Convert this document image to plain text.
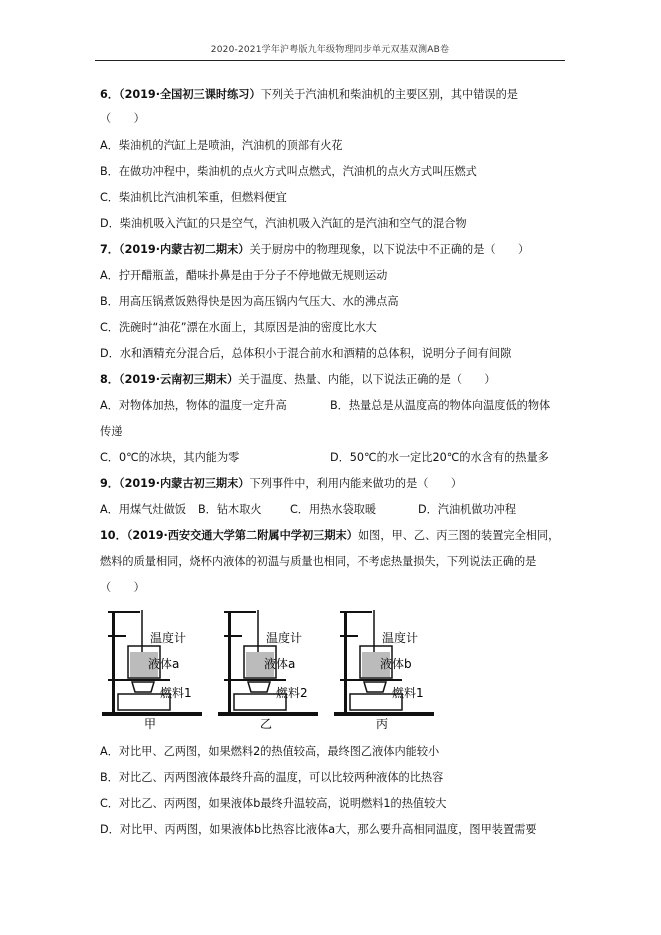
2020-2021学年沪粤版九年级物理同步单元双基双测AB卷
6．（2019·全国初三课时练习）下列关于汽油机和柴油机的主要区别，其中错误的是
（　　）
A．柴油机的汽缸上是喷油，汽油机的顶部有火花
B．在做功冲程中，柴油机的点火方式叫点燃式，汽油机的点火方式叫压燃式
C．柴油机比汽油机笨重，但燃料便宜
D．柴油机吸入汽缸的只是空气，汽油机吸入汽缸的是汽油和空气的混合物
7．（2019·内蒙古初二期末）关于厨房中的物理现象，以下说法中不正确的是（　　）
A．拧开醋瓶盖，醋味扑鼻是由于分子不停地做无规则运动
B．用高压锅煮饭熟得快是因为高压锅内气压大、水的沸点高
C．洗碗时“油花”漂在水面上，其原因是油的密度比水大
D．水和酒精充分混合后，总体积小于混合前水和酒精的总体积，说明分子间有间隙
8．（2019·云南初三期末）关于温度、热量、内能，以下说法正确的是（　　）
A．对物体加热，物体的温度一定升高	B．热量总是从温度高的物体向温度低的物体
传递
C．0℃的冰块，其内能为零	D．50℃的水一定比20℃的水含有的热量多
9．（2019·内蒙古初三期末）下列事件中，利用内能来做功的是（　　）
A．用煤气灶做饭 B．钻木取火	C．用热水袋取暖	D．汽油机做功冲程
10．（2019·西安交通大学第二附属中学初三期末）如图，甲、乙、丙三图的装置完全相同，
燃料的质量相同，烧杯内液体的初温与质量也相同，不考虑热量损失，下列说法正确的是
（　　）
温度计
液体a
燃料1
甲
温度计
液体a
燃料2
乙
温度计
液体b
燃料1
丙
A．对比甲、乙两图，如果燃料2的热值较高，最终图乙液体内能较小
B．对比乙、丙两图液体最终升高的温度，可以比较两种液体的比热容
C．对比乙、丙两图，如果液体b最终升温较高，说明燃料1的热值较大
D．对比甲、丙两图，如果液体b比热容比液体a大，那么要升高相同温度，图甲装置需要
